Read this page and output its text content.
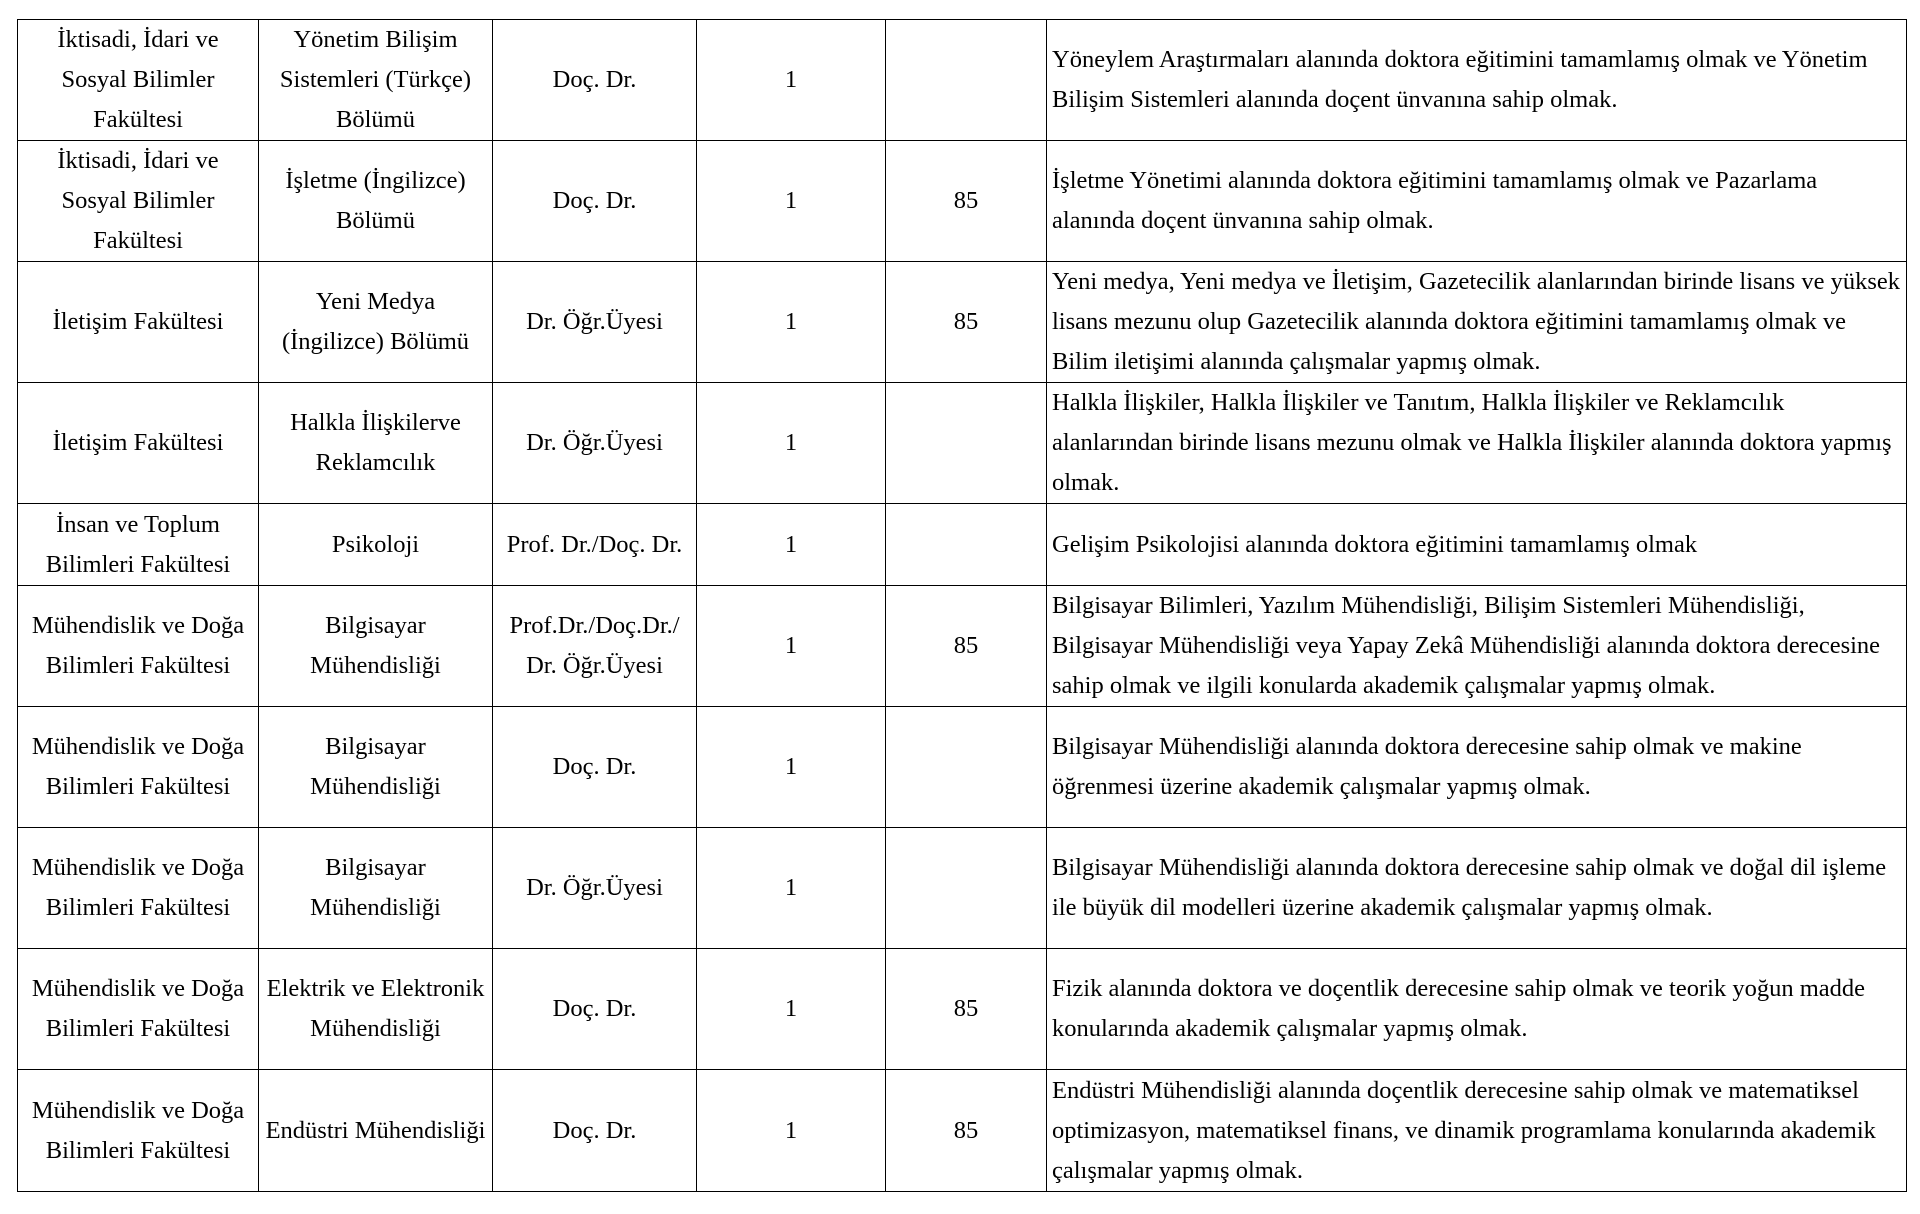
İktisadi, İdari ve Sosyal Bilimler Fakültesi	Yönetim Bilişim Sistemleri (Türkçe) Bölümü	Doç. Dr.	1		Yöneylem Araştırmaları alanında doktora eğitimini tamamlamış olmak ve Yönetim Bilişim Sistemleri alanında doçent ünvanına sahip olmak.
İktisadi, İdari ve Sosyal Bilimler Fakültesi	İşletme (İngilizce) Bölümü	Doç. Dr.	1	85	İşletme Yönetimi alanında doktora eğitimini tamamlamış olmak ve Pazarlama alanında doçent ünvanına sahip olmak.
İletişim Fakültesi	Yeni Medya (İngilizce) Bölümü	Dr. Öğr.Üyesi	1	85	Yeni medya, Yeni medya ve İletişim, Gazetecilik alanlarından birinde lisans ve yüksek lisans mezunu olup Gazetecilik alanında doktora eğitimini tamamlamış olmak ve Bilim iletişimi alanında çalışmalar yapmış olmak.
İletişim Fakültesi	Halkla İlişkilerve Reklamcılık	Dr. Öğr.Üyesi	1		Halkla İlişkiler, Halkla İlişkiler ve Tanıtım, Halkla İlişkiler ve Reklamcılık alanlarından birinde lisans mezunu olmak ve Halkla İlişkiler alanında doktora yapmış olmak.
İnsan ve Toplum Bilimleri Fakültesi	Psikoloji	Prof. Dr./Doç. Dr.	1		Gelişim Psikolojisi alanında doktora eğitimini tamamlamış olmak
Mühendislik ve Doğa Bilimleri Fakültesi	Bilgisayar Mühendisliği	Prof.Dr./Doç.Dr./ Dr. Öğr.Üyesi	1	85	Bilgisayar Bilimleri, Yazılım Mühendisliği, Bilişim Sistemleri Mühendisliği, Bilgisayar Mühendisliği veya Yapay Zekâ Mühendisliği alanında doktora derecesine sahip olmak ve ilgili konularda akademik çalışmalar yapmış olmak.
Mühendislik ve Doğa Bilimleri Fakültesi	Bilgisayar Mühendisliği	Doç. Dr.	1		Bilgisayar Mühendisliği alanında doktora derecesine sahip olmak ve makine öğrenmesi üzerine akademik çalışmalar yapmış olmak.
Mühendislik ve Doğa Bilimleri Fakültesi	Bilgisayar Mühendisliği	Dr. Öğr.Üyesi	1		Bilgisayar Mühendisliği alanında doktora derecesine sahip olmak ve doğal dil işleme ile büyük dil modelleri üzerine akademik çalışmalar yapmış olmak.
Mühendislik ve Doğa Bilimleri Fakültesi	Elektrik ve Elektronik Mühendisliği	Doç. Dr.	1	85	Fizik alanında doktora ve doçentlik derecesine sahip olmak ve teorik yoğun madde konularında akademik çalışmalar yapmış olmak.
Mühendislik ve Doğa Bilimleri Fakültesi	Endüstri Mühendisliği	Doç. Dr.	1	85	Endüstri Mühendisliği alanında doçentlik derecesine sahip olmak ve matematiksel optimizasyon, matematiksel finans, ve dinamik programlama konularında akademik çalışmalar yapmış olmak.
